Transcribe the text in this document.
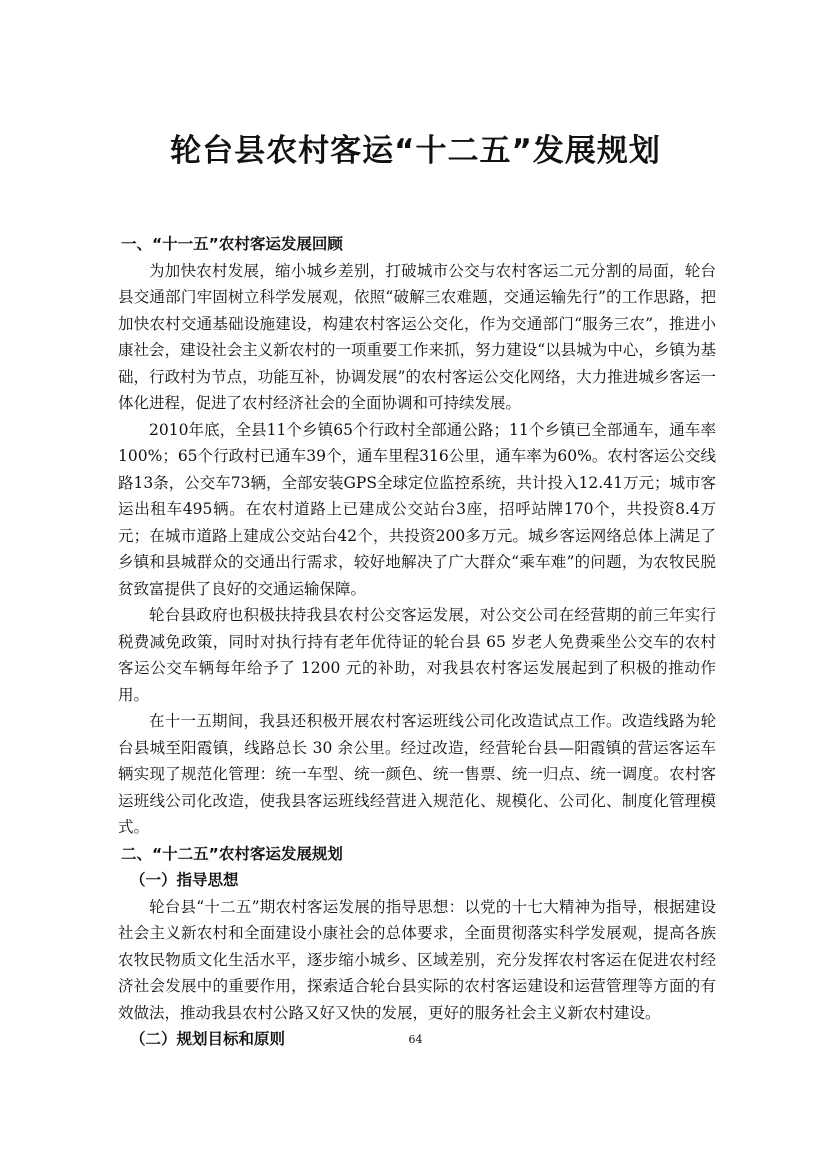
轮台县农村客运“十二五”发展规划

一、“十一五”农村客运发展回顾

为加快农村发展，缩小城乡差别，打破城市公交与农村客运二元分割的局面，轮台县交通部门牢固树立科学发展观，依照“破解三农难题，交通运输先行”的工作思路，把加快农村交通基础设施建设，构建农村客运公交化，作为交通部门“服务三农”，推进小康社会，建设社会主义新农村的一项重要工作来抓，努力建设“以县城为中心，乡镇为基础，行政村为节点，功能互补，协调发展”的农村客运公交化网络，大力推进城乡客运一体化进程，促进了农村经济社会的全面协调和可持续发展。

2010年底，全县11个乡镇65个行政村全部通公路；11个乡镇已全部通车，通车率100%；65个行政村已通车39个，通车里程316公里，通车率为60%。农村客运公交线路13条，公交车73辆，全部安装GPS全球定位监控系统，共计投入12.41万元；城市客运出租车495辆。在农村道路上已建成公交站台3座，招呼站牌170个，共投资8.4万元；在城市道路上建成公交站台42个，共投资200多万元。城乡客运网络总体上满足了乡镇和县城群众的交通出行需求，较好地解决了广大群众“乘车难”的问题，为农牧民脱贫致富提供了良好的交通运输保障。

轮台县政府也积极扶持我县农村公交客运发展，对公交公司在经营期的前三年实行税费减免政策，同时对执行持有老年优待证的轮台县 65 岁老人免费乘坐公交车的农村客运公交车辆每年给予了 1200 元的补助，对我县农村客运发展起到了积极的推动作用。

在十一五期间，我县还积极开展农村客运班线公司化改造试点工作。改造线路为轮台县城至阳霞镇，线路总长 30 余公里。经过改造，经营轮台县—阳霞镇的营运客运车辆实现了规范化管理：统一车型、统一颜色、统一售票、统一归点、统一调度。农村客运班线公司化改造，使我县客运班线经营进入规范化、规模化、公司化、制度化管理模式。

二、“十二五”农村客运发展规划

（一）指导思想

轮台县“十二五”期农村客运发展的指导思想：以党的十七大精神为指导，根据建设社会主义新农村和全面建设小康社会的总体要求，全面贯彻落实科学发展观，提高各族农牧民物质文化生活水平，逐步缩小城乡、区域差别，充分发挥农村客运在促进农村经济社会发展中的重要作用，探索适合轮台县实际的农村客运建设和运营管理等方面的有效做法，推动我县农村公路又好又快的发展，更好的服务社会主义新农村建设。

（二）规划目标和原则	64
